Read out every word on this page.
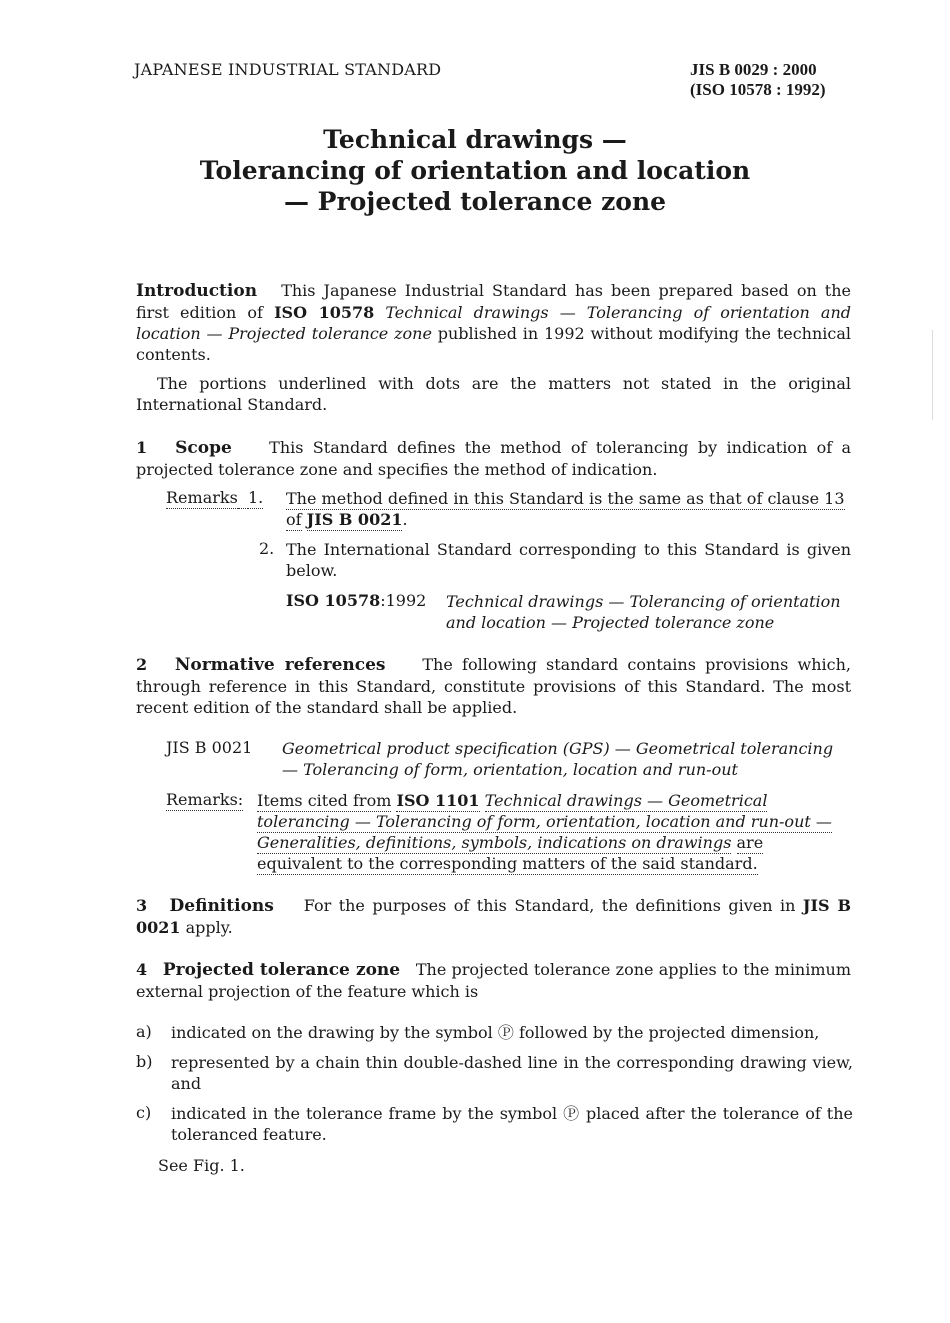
JAPANESE INDUSTRIAL STANDARD	JIS B 0029 : 2000
(ISO 10578 : 1992)
Technical drawings —
Tolerancing of orientation and location
— Projected tolerance zone
Introduction This Japanese Industrial Standard has been prepared based on the first edition of ISO 10578 Technical drawings — Tolerancing of orientation and location — Projected tolerance zone published in 1992 without modifying the technical contents.
The portions underlined with dots are the matters not stated in the original International Standard.
1 Scope This Standard defines the method of tolerancing by indication of a projected tolerance zone and specifies the method of indication.
Remarks 1. The method defined in this Standard is the same as that of clause 13 of JIS B 0021.
2. The International Standard corresponding to this Standard is given below.
ISO 10578:1992 Technical drawings — Tolerancing of orientation and location — Projected tolerance zone
2 Normative references The following standard contains provisions which, through reference in this Standard, constitute provisions of this Standard. The most recent edition of the standard shall be applied.
JIS B 0021 Geometrical product specification (GPS) — Geometrical tolerancing — Tolerancing of form, orientation, location and run-out
Remarks: Items cited from ISO 1101 Technical drawings — Geometrical tolerancing — Tolerancing of form, orientation, location and run-out — Generalities, definitions, symbols, indications on drawings are equivalent to the corresponding matters of the said standard.
3 Definitions For the purposes of this Standard, the definitions given in JIS B 0021 apply.
4 Projected tolerance zone The projected tolerance zone applies to the minimum external projection of the feature which is
a) indicated on the drawing by the symbol Ⓟ followed by the projected dimension,
b) represented by a chain thin double-dashed line in the corresponding drawing view, and
c) indicated in the tolerance frame by the symbol Ⓟ placed after the tolerance of the toleranced feature.
See Fig. 1.
